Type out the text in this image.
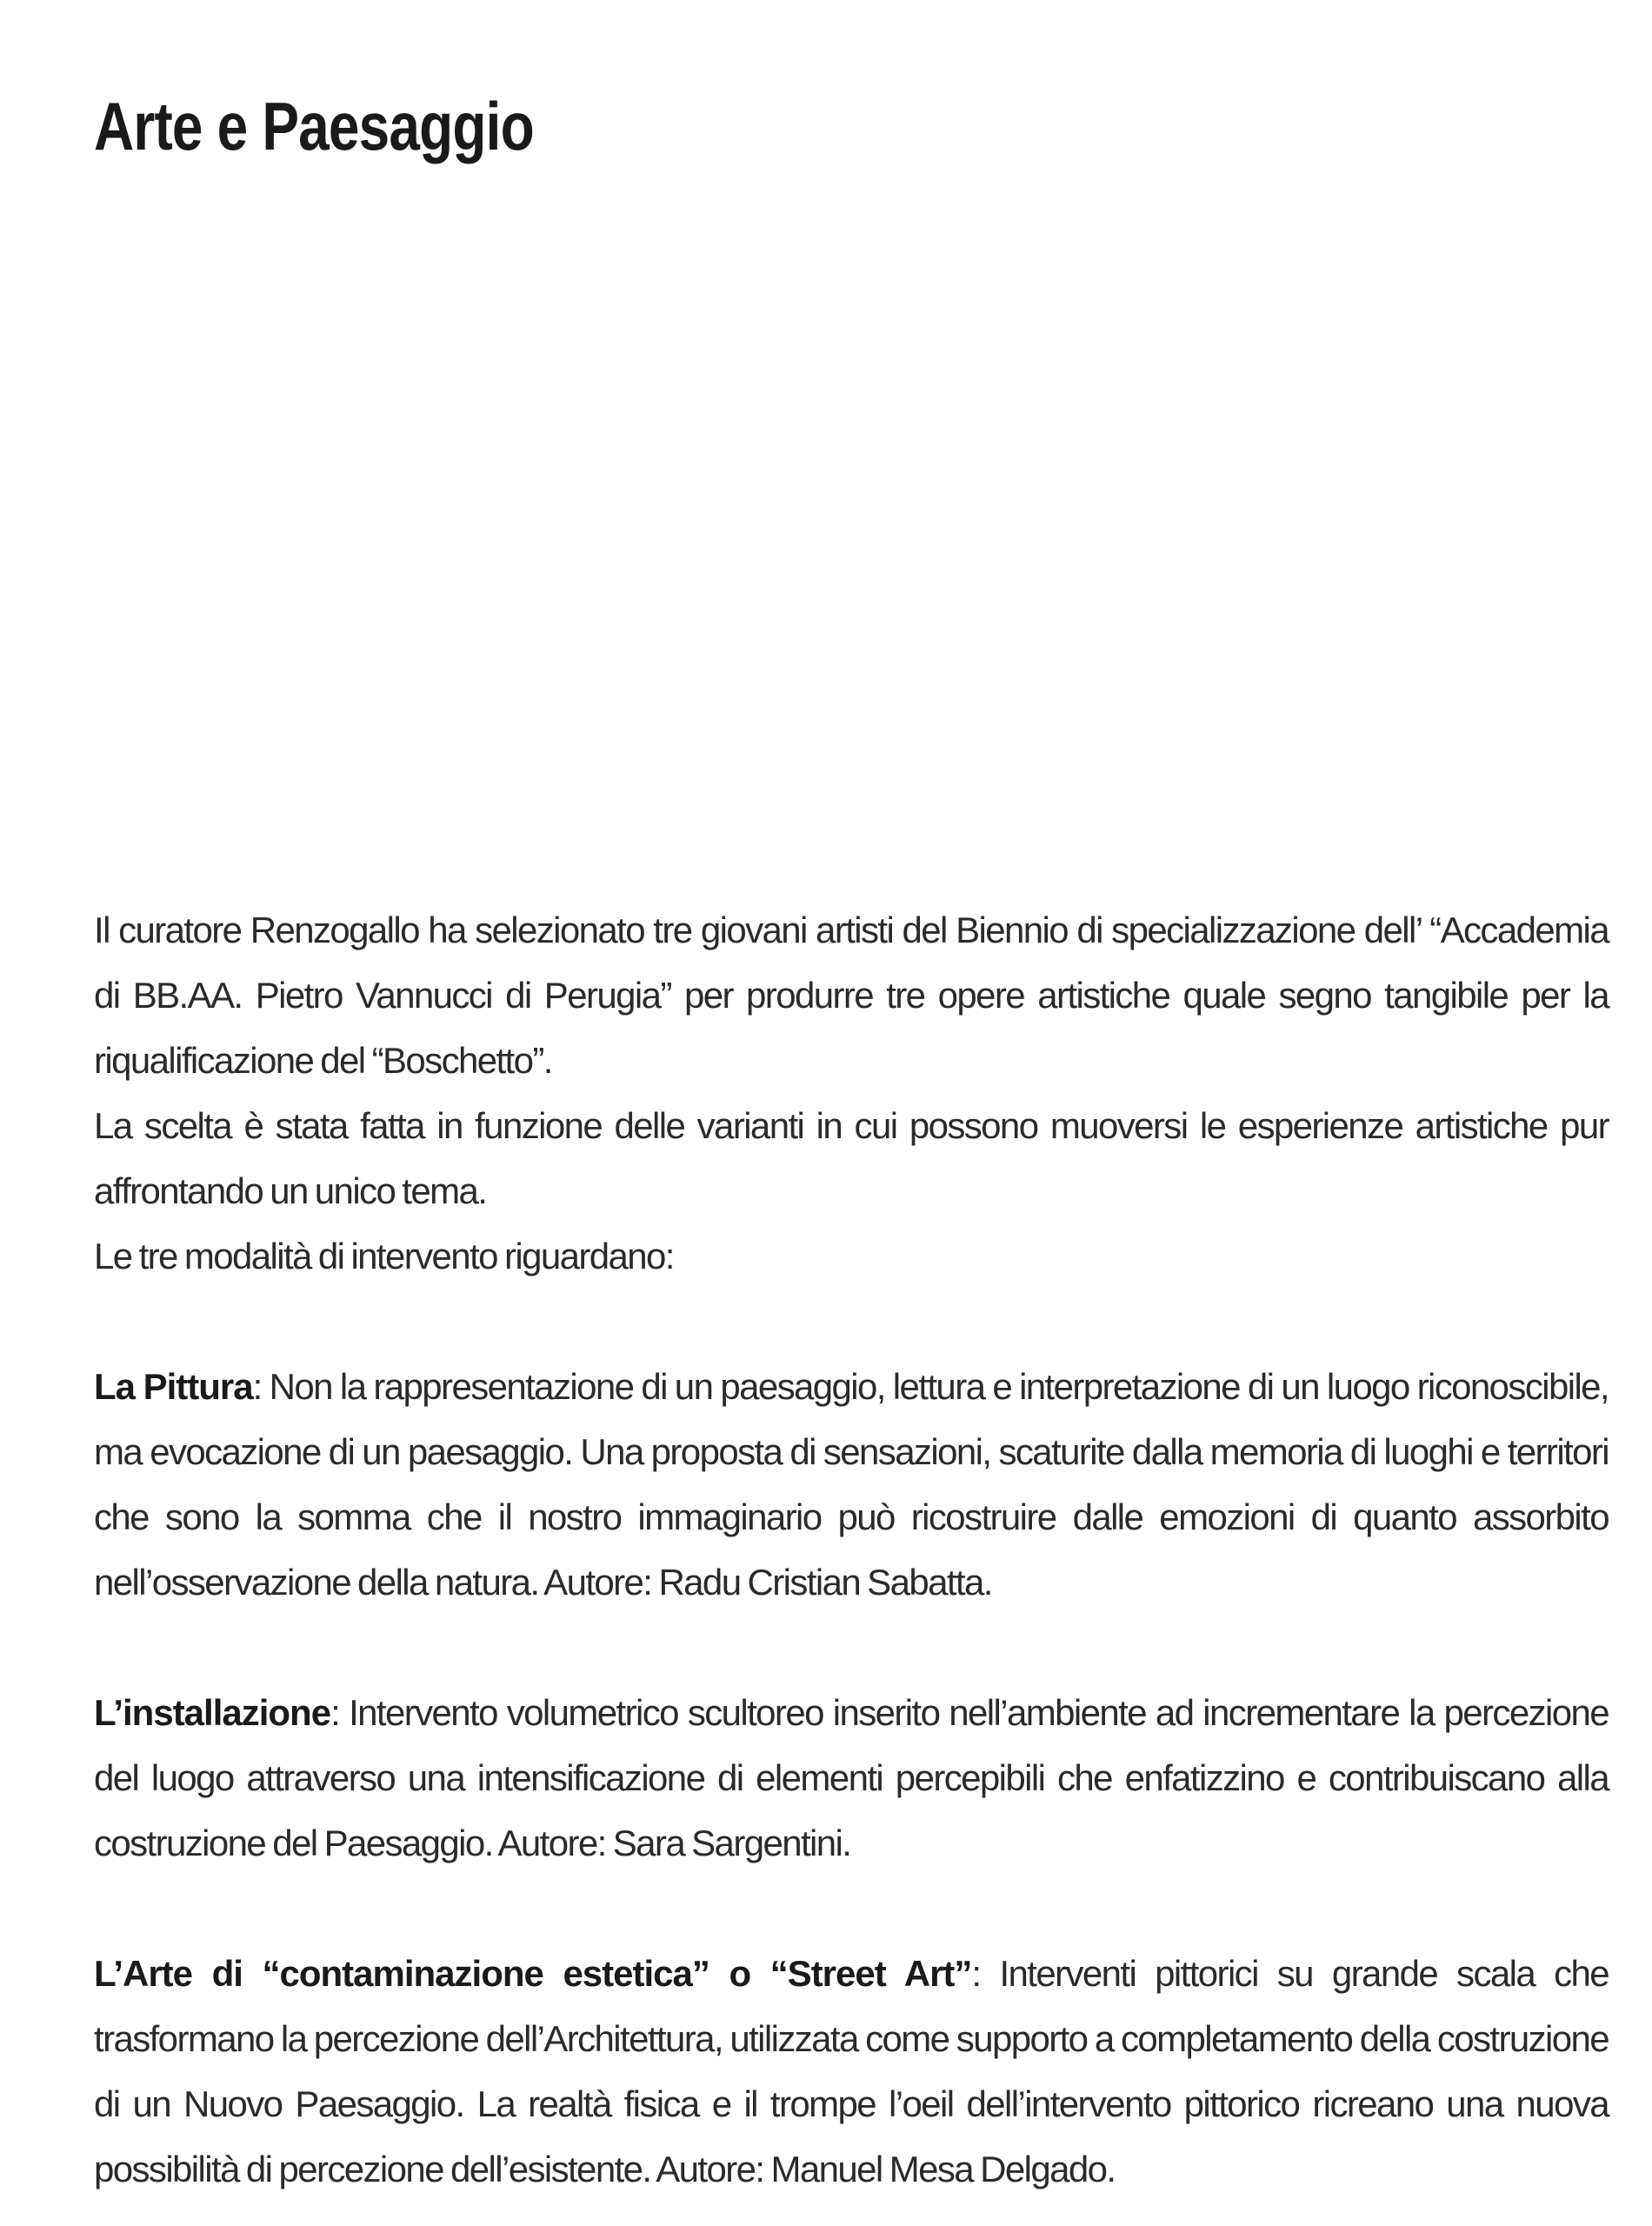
Arte e Paesaggio

Il curatore Renzogallo ha selezionato tre giovani artisti del Biennio di specializzazione dell’ “Accademia di BB.AA. Pietro Vannucci di Perugia” per produrre tre opere artistiche quale segno tangibile per la riqualificazione del “Boschetto”.

La scelta è stata fatta in funzione delle varianti in cui possono muoversi le esperienze artistiche pur affrontando un unico tema.

Le tre modalità di intervento riguardano:

La Pittura: Non la rappresentazione di un paesaggio, lettura e interpretazione di un luogo riconoscibile, ma evocazione di un paesaggio. Una proposta di sensazioni, scaturite dalla memoria di luoghi e territori che sono la somma che il nostro immaginario può ricostruire dalle emozioni di quanto assorbito nell’osservazione della natura. Autore: Radu Cristian Sabatta.

L’installazione: Intervento volumetrico scultoreo inserito nell’ambiente ad incrementare la percezione del luogo attraverso una intensificazione di elementi percepibili che enfatizzino e contribuiscano alla costruzione del Paesaggio. Autore: Sara Sargentini.

L’Arte di “contaminazione estetica” o “Street Art”: Interventi pittorici su grande scala che trasformano la percezione dell’Architettura, utilizzata come supporto a completamento della costruzione di un Nuovo Paesaggio. La realtà fisica e il trompe l’oeil dell’intervento pittorico ricreano una nuova possibilità di percezione dell’esistente. Autore: Manuel Mesa Delgado.
